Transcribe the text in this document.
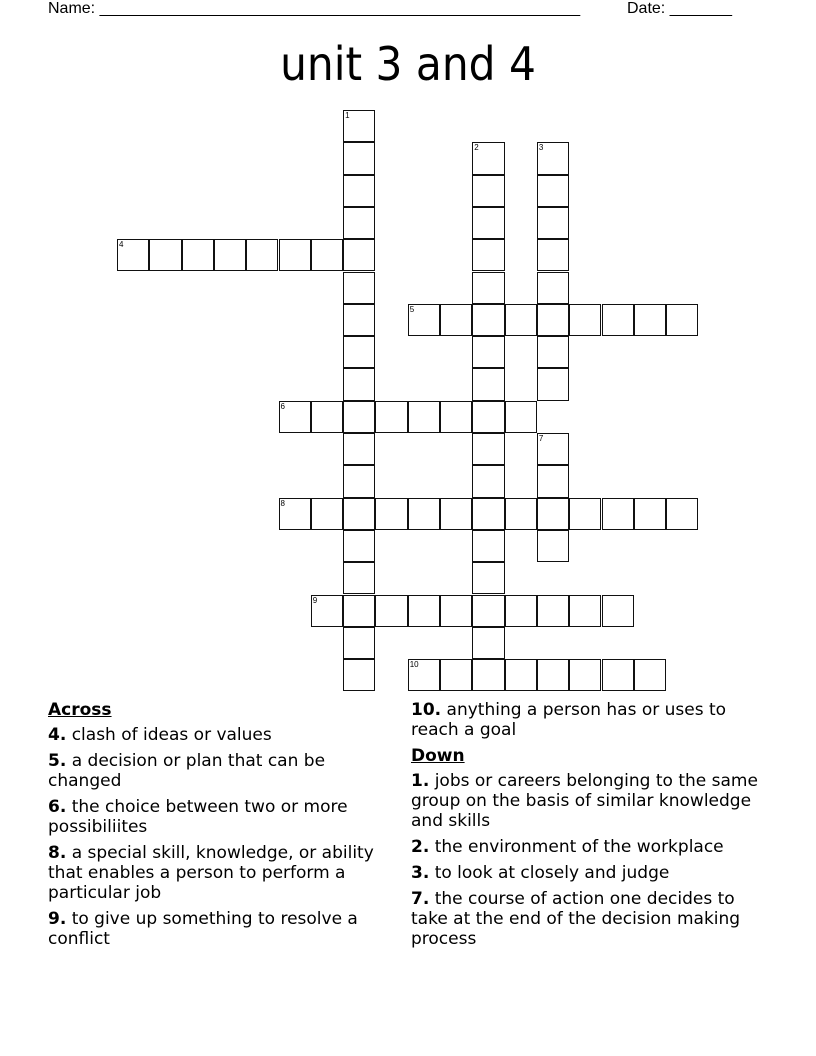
Name: ______________________________________________________	Date: _______
unit 3 and 4
4
5
6
8
9
10
1
2	3
7
Across
4. clash of ideas or values
5. a decision or plan that can be changed
6. the choice between two or more possibiliites
8. a special skill, knowledge, or ability that enables a person to perform a particular job
9. to give up something to resolve a conflict
10. anything a person has or uses to reach a goal
Down
1. jobs or careers belonging to the same group on the basis of similar knowledge and skills
2. the environment of the workplace
3. to look at closely and judge
7. the course of action one decides to take at the end of the decision making process
